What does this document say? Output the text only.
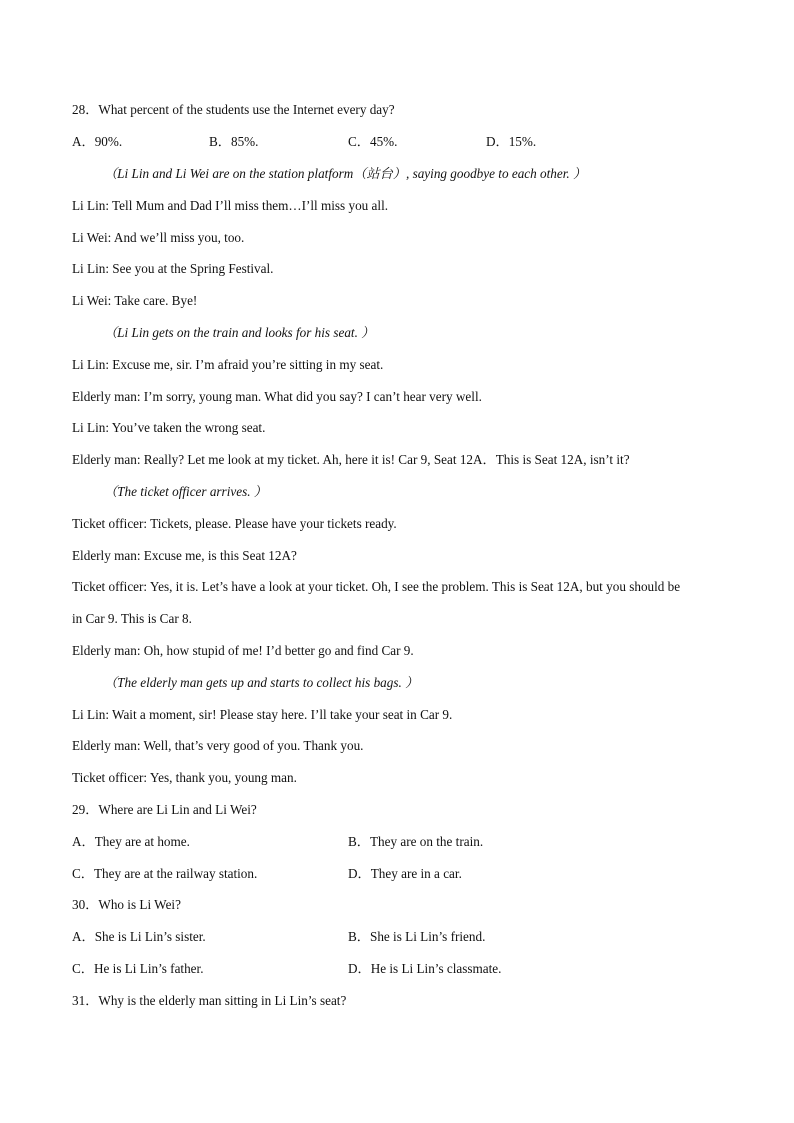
28．What percent of the students use the Internet every day?
A．90%.	B．85%.	C．45%.	D．15%.
（Li Lin and Li Wei are on the station platform（站台）, saying goodbye to each other. ）
Li Lin: Tell Mum and Dad I’ll miss them…I’ll miss you all.
Li Wei: And we’ll miss you, too.
Li Lin: See you at the Spring Festival.
Li Wei: Take care. Bye!
（Li Lin gets on the train and looks for his seat. ）
Li Lin: Excuse me, sir. I’m afraid you’re sitting in my seat.
Elderly man: I’m sorry, young man. What did you say? I can’t hear very well.
Li Lin: You’ve taken the wrong seat.
Elderly man: Really? Let me look at my ticket. Ah, here it is! Car 9, Seat 12A．This is Seat 12A, isn’t it?
（The ticket officer arrives. ）
Ticket officer: Tickets, please. Please have your tickets ready.
Elderly man: Excuse me, is this Seat 12A?
Ticket officer: Yes, it is. Let’s have a look at your ticket. Oh, I see the problem. This is Seat 12A, but you should be
in Car 9. This is Car 8.
Elderly man: Oh, how stupid of me! I’d better go and find Car 9.
（The elderly man gets up and starts to collect his bags. ）
Li Lin: Wait a moment, sir! Please stay here. I’ll take your seat in Car 9.
Elderly man: Well, that’s very good of you. Thank you.
Ticket officer: Yes, thank you, young man.
29．Where are Li Lin and Li Wei?
A．They are at home.	B．They are on the train.
C．They are at the railway station.	D．They are in a car.
30．Who is Li Wei?
A．She is Li Lin’s sister.	B．She is Li Lin’s friend.
C．He is Li Lin’s father.	D．He is Li Lin’s classmate.
31．Why is the elderly man sitting in Li Lin’s seat?
